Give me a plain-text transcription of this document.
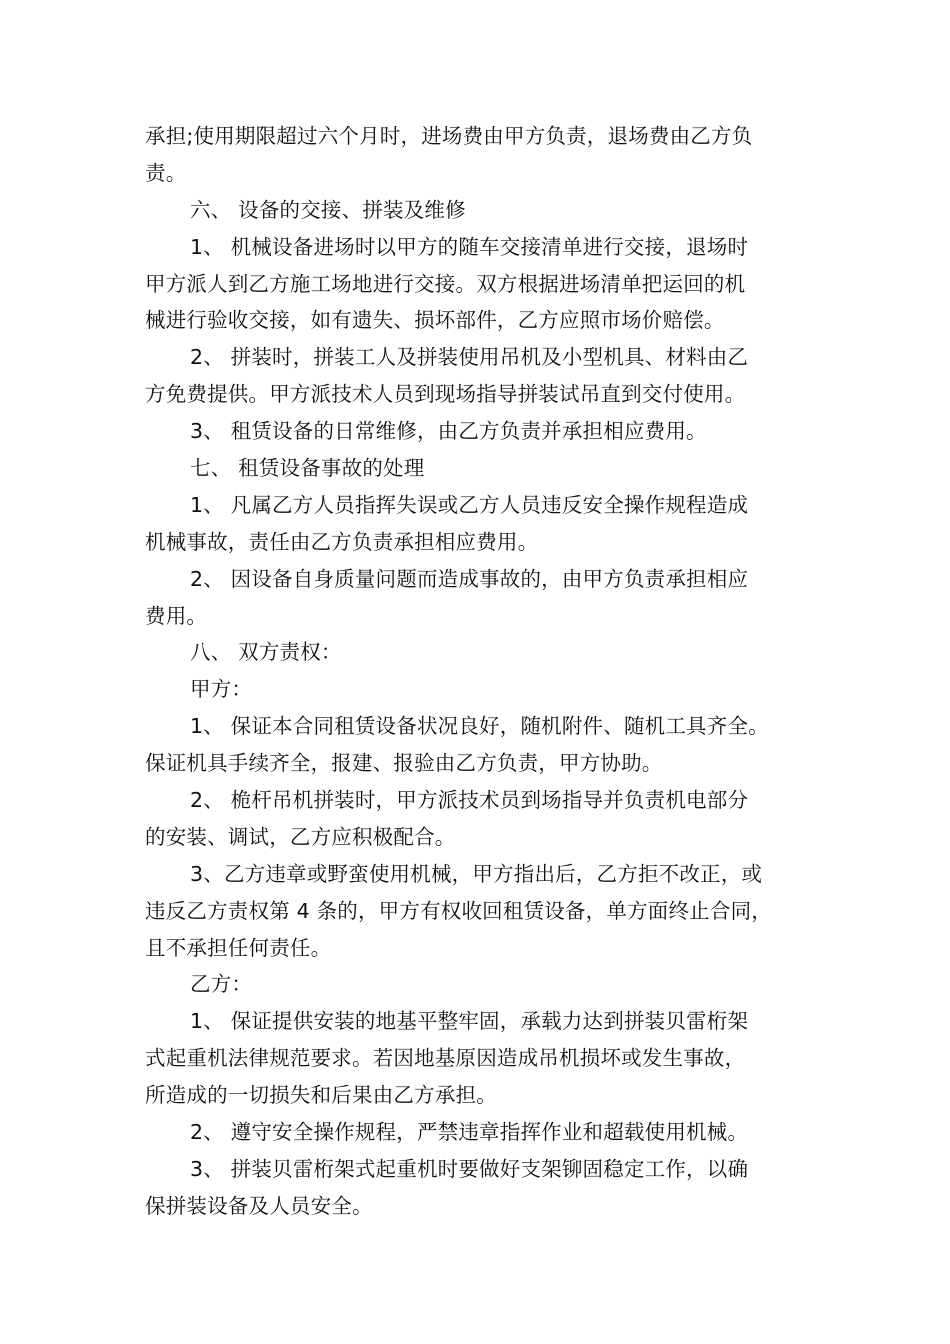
承担;使用期限超过六个月时，进场费由甲方负责，退场费由乙方负
责。
六、 设备的交接、拼装及维修
1、 机械设备进场时以甲方的随车交接清单进行交接，退场时
甲方派人到乙方施工场地进行交接。双方根据进场清单把运回的机
械进行验收交接，如有遗失、损坏部件，乙方应照市场价赔偿。
2、 拼装时，拼装工人及拼装使用吊机及小型机具、材料由乙
方免费提供。甲方派技术人员到现场指导拼装试吊直到交付使用。
3、 租赁设备的日常维修，由乙方负责并承担相应费用。
七、 租赁设备事故的处理
1、 凡属乙方人员指挥失误或乙方人员违反安全操作规程造成
机械事故，责任由乙方负责承担相应费用。
2、 因设备自身质量问题而造成事故的，由甲方负责承担相应
费用。
八、 双方责权：
甲方：
1、 保证本合同租赁设备状况良好，随机附件、随机工具齐全。
保证机具手续齐全，报建、报验由乙方负责，甲方协助。
2、 桅杆吊机拼装时，甲方派技术员到场指导并负责机电部分
的安装、调试，乙方应积极配合。
3、乙方违章或野蛮使用机械，甲方指出后，乙方拒不改正，或
违反乙方责权第 4 条的，甲方有权收回租赁设备，单方面终止合同，
且不承担任何责任。
乙方：
1、 保证提供安装的地基平整牢固，承载力达到拼装贝雷桁架
式起重机法律规范要求。若因地基原因造成吊机损坏或发生事故，
所造成的一切损失和后果由乙方承担。
2、 遵守安全操作规程，严禁违章指挥作业和超载使用机械。
3、 拼装贝雷桁架式起重机时要做好支架铆固稳定工作，以确
保拼装设备及人员安全。
